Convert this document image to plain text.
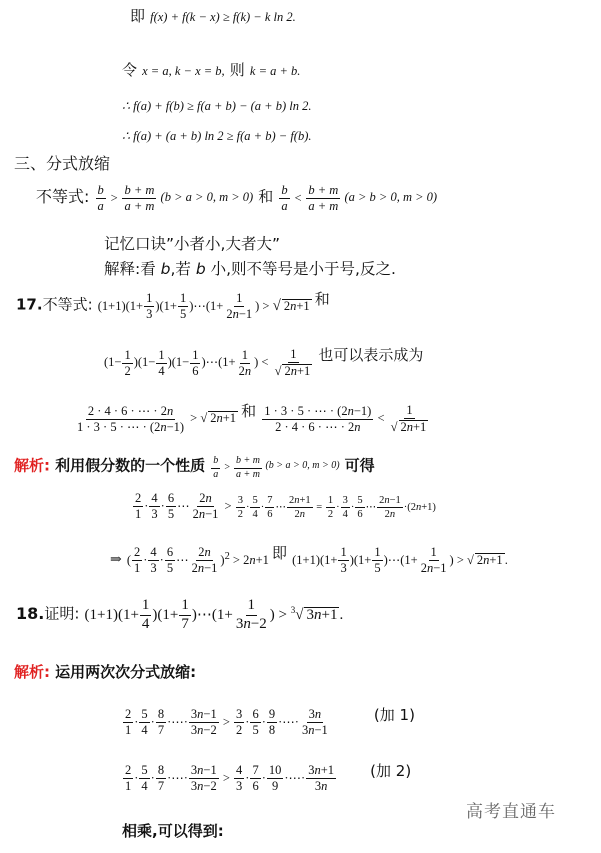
即 f(x) + f(k − x) ≥ f(k) − k ln 2.
令 x = a, k − x = b, 则 k = a + b.
∴ f(a) + f(b) ≥ f(a + b) − (a + b) ln 2.
∴ f(a) + (a + b) ln 2 ≥ f(a + b) − f(b).
三、分式放缩
不等式: $\frac{b}{a} > \frac{b + m}{a + m} (b > a > 0$, m > 0) 和 $\frac{b}{a} < \frac{b + m}{a + m} (a > b > 0$, m > 0)
记忆口诀”小者小,大者大”
解释:看 b,若 b 小,则不等号是小于号,反之.
17.不等式: $(1+1)(1+ \frac{1}{3} )(1+ \frac{1}{5}$ )⋯(1+ $\frac{1}{2n-1}$ ) > √ 2n+1 和
$(1- \frac{1}{2} )(1- \frac{1}{4} )(1- \frac{1}{6}$ )⋯(1+ $\frac{1}{2n}$ ) < $\frac{1}{√ 2n+1}$ 也可以表示成为
$\frac{2 \cdot 4 \cdot 6 \cdot \cdots \cdot 2n}{1 \cdot 3 \cdot 5 \cdot \cdots \cdot (2n-1)}$ > √ 2n+1 和 $\frac{1 \cdot 3 \cdot 5 \cdot \cdots \cdot (2n-1)}{2 \cdot 4 \cdot 6 \cdot \cdots \cdot 2n} < \frac{1}{√ 2n+1}$
解析: 利用假分数的一个性质 $\frac{b}{a} > \frac{b + m}{a + m} (b > a > 0$, m > 0) 可得
$\frac{2}{1} \cdot \frac{4}{3} \cdot \frac{6}{5}$ ⋯ $\frac{2n}{2n-1} > \frac{3}{2} \cdot \frac{5}{4} \cdot \frac{7}{6}$ ⋯ $\frac{2n+1}{2n} = \frac{1}{2} \cdot \frac{3}{4} \cdot \frac{5}{6}$ ⋯ $\frac{2n-1}{2n} \cdot(2n+1)$
⇒ ( $\frac{2}{1} \cdot \frac{4}{3} \cdot \frac{6}{5}$ ⋯ $\frac{2n}{2n-1} )^2 > 2n+1$ 即 $(1+1)(1+ \frac{1}{3} )(1+ \frac{1}{5}$ )⋯(1+ $\frac{1}{2n-1}$ ) > √ 2n+1 .
18.证明: $(1+1)(1+ \frac{1}{4} )(1+ \frac{1}{7}$ )⋯(1+ $\frac{1}{3n-2}$ ) > $^3$√ 3n+1 .
解析: 运用两次次分式放缩:
$\frac{2}{1} \cdot \frac{5}{4} \cdot \frac{8}{7}$ ·⋯· $\frac{3n-1}{3n-2} > \frac{3}{2} \cdot \frac{6}{5} \cdot \frac{9}{8}$ ·⋯· $\frac{3n}{3n-1}$	(加 1)
$\frac{2}{1} \cdot \frac{5}{4} \cdot \frac{8}{7}$ ·⋯· $\frac{3n-1}{3n-2} > \frac{4}{3} \cdot \frac{7}{6} \cdot \frac{10}{9}$ ·⋯· $\frac{3n+1}{3n}$ (加 2)
高考直通车
相乘,可以得到:
